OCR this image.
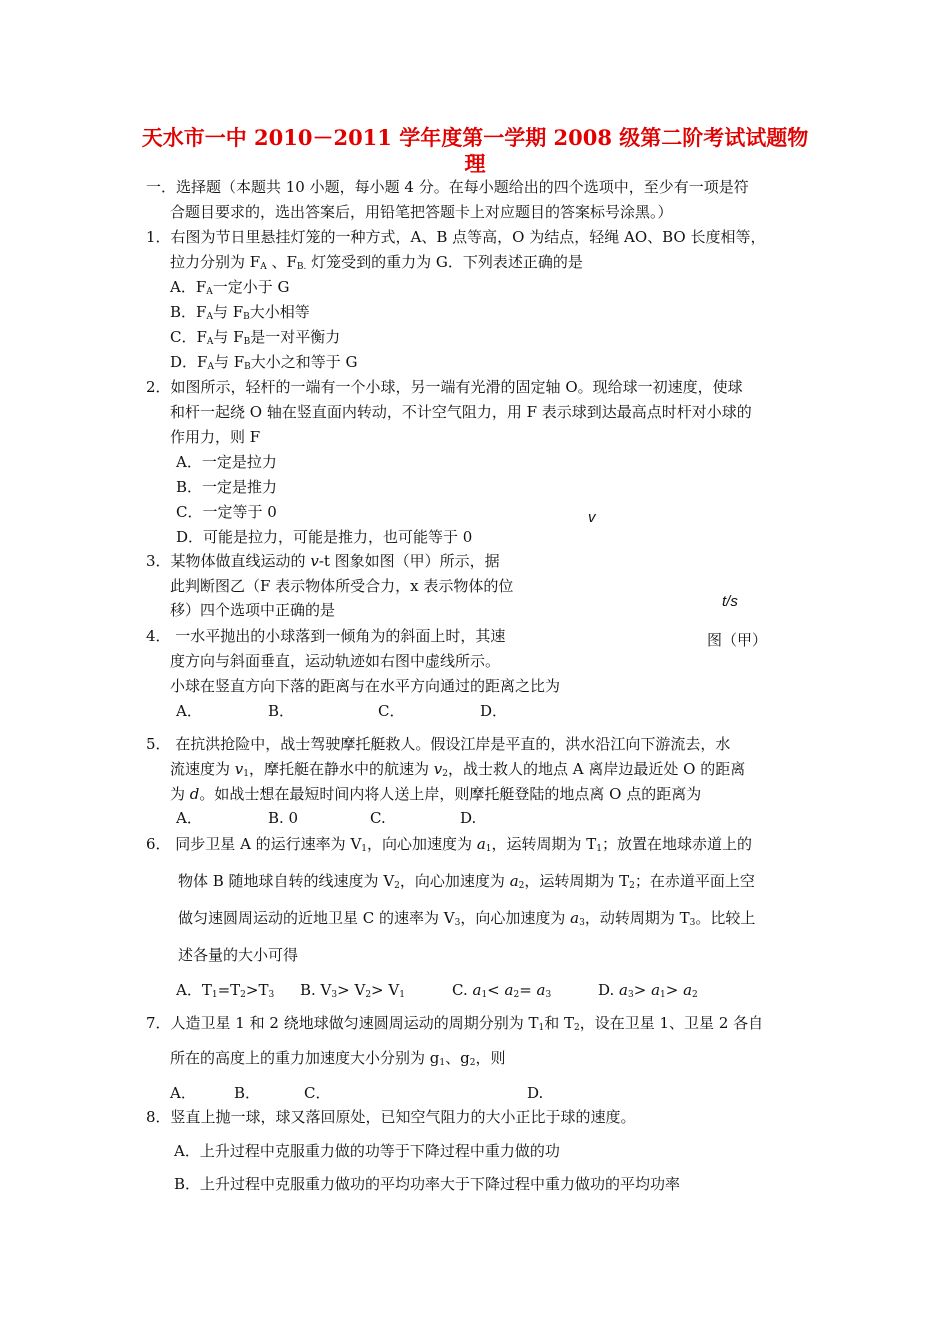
天水市一中 2010－2011 学年度第一学期 2008 级第二阶考试试题物
理
一．选择题（本题共 10 小题，每小题 4 分。在每小题给出的四个选项中，至少有一项是符
合题目要求的，选出答案后，用铅笔把答题卡上对应题目的答案标号涂黑。）
1．右图为节日里悬挂灯笼的一种方式，A、B 点等高，O 为结点，轻绳 AO、BO 长度相等，
拉力分别为 $F_A$ 、$F_{B.}$ 灯笼受到的重力为 G．下列表述正确的是
A．$F_A$一定小于 G
B．$F_A$与 $F_B$大小相等
C．$F_A$与 $F_B$是一对平衡力
D．$F_A$与 $F_B$大小之和等于 G
2．如图所示，轻杆的一端有一个小球，另一端有光滑的固定轴 O。现给球一初速度，使球
和杆一起绕 O 轴在竖直面内转动，不计空气阻力，用 F 表示球到达最高点时杆对小球的
作用力，则 F
A．一定是拉力
B．一定是推力
C．一定等于 0
D．可能是拉力，可能是推力，也可能等于 0
v
t/s
图（甲）
3．某物体做直线运动的 v-t 图象如图（甲）所示，据
此判断图乙（F 表示物体所受合力，x 表示物体的位
移）四个选项中正确的是
4． 一水平抛出的小球落到一倾角为的斜面上时，其速
度方向与斜面垂直，运动轨迹如右图中虚线所示。
小球在竖直方向下落的距离与在水平方向通过的距离之比为
A．	B．	C．	D．
5． 在抗洪抢险中，战士驾驶摩托艇救人。假设江岸是平直的，洪水沿江向下游流去，水
流速度为 $v_1$，摩托艇在静水中的航速为 $v_2$，战士救人的地点 A 离岸边最近处 O 的距离
为 d。如战士想在最短时间内将人送上岸，则摩托艇登陆的地点离 O 点的距离为
A．	B. 0	C.	D.
6． 同步卫星 A 的运行速率为 $V_1$，向心加速度为 $a_1$，运转周期为 $T_1$；放置在地球赤道上的
物体 B 随地球自转的线速度为 $V_2$，向心加速度为 $a_2$，运转周期为 $T_2$；在赤道平面上空
做匀速圆周运动的近地卫星 C 的速率为 $V_3$，向心加速度为 $a_3$，动转周期为 $T_3$。比较上
述各量的大小可得
A．$T_1=T_2>T_3$ B. $V_3> V_2> V_1$	C. $a_1< a_2= a_3$	D. $a_3> a_1> a_2$
7．人造卫星 1 和 2 绕地球做匀速圆周运动的周期分别为 $T_1$和 $T_2$，设在卫星 1、卫星 2 各自
所在的高度上的重力加速度大小分别为 $g_1$、$g_2$，则
A．	B．	C．	D.
8．竖直上抛一球，球又落回原处，已知空气阻力的大小正比于球的速度。
A．上升过程中克服重力做的功等于下降过程中重力做的功
B．上升过程中克服重力做功的平均功率大于下降过程中重力做功的平均功率
